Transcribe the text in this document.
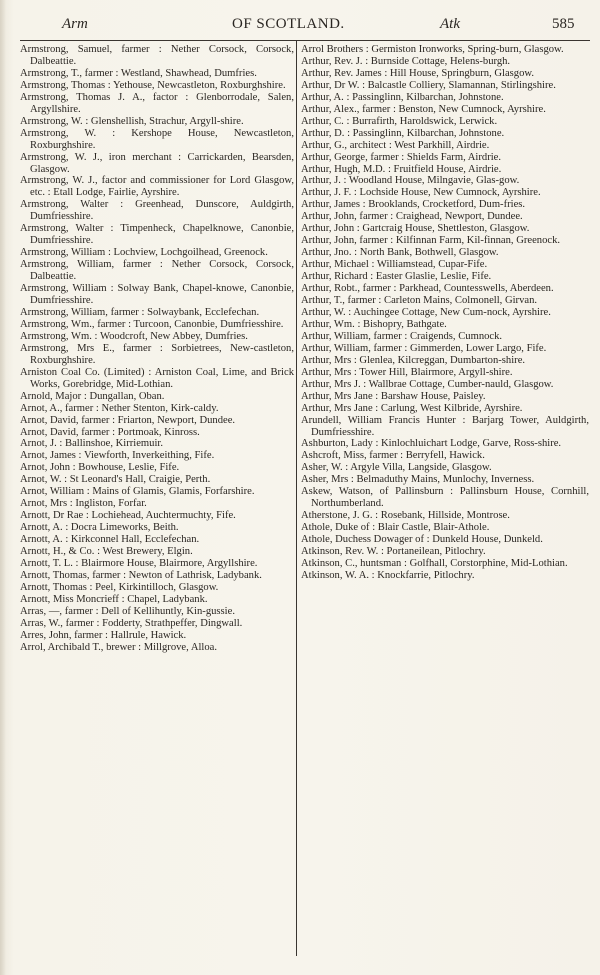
Arm	OF SCOTLAND.	Atk	585

Armstrong, Samuel, farmer : Nether Corsock, Corsock, Dalbeattie.

Armstrong, T., farmer : Westland, Shawhead, Dumfries.

Armstrong, Thomas : Yethouse, Newcastleton, Roxburghshire.

Armstrong, Thomas J. A., factor : Glenborrodale, Salen, Argyllshire.

Armstrong, W. : Glenshellish, Strachur, Argyll-shire.

Armstrong, W. : Kershope House, Newcastleton, Roxburghshire.

Armstrong, W. J., iron merchant : Carrickarden, Bearsden, Glasgow.

Armstrong, W. J., factor and commissioner for Lord Glasgow, etc. : Etall Lodge, Fairlie, Ayrshire.

Armstrong, Walter : Greenhead, Dunscore, Auldgirth, Dumfriesshire.

Armstrong, Walter : Timpenheck, Chapelknowe, Canonbie, Dumfriesshire.

Armstrong, William : Lochview, Lochgoilhead, Greenock.

Armstrong, William, farmer : Nether Corsock, Corsock, Dalbeattie.

Armstrong, William : Solway Bank, Chapel-knowe, Canonbie, Dumfriesshire.

Armstrong, William, farmer : Solwaybank, Ecclefechan.

Armstrong, Wm., farmer : Turcoon, Canonbie, Dumfriesshire.

Armstrong, Wm. : Woodcroft, New Abbey, Dumfries.

Armstrong, Mrs E., farmer : Sorbietrees, New-castleton, Roxburghshire.

Arniston Coal Co. (Limited) : Arniston Coal, Lime, and Brick Works, Gorebridge, Mid-Lothian.

Arnold, Major : Dungallan, Oban.

Arnot, A., farmer : Nether Stenton, Kirk-caldy.

Arnot, David, farmer : Friarton, Newport, Dundee.

Arnot, David, farmer : Portmoak, Kinross.

Arnot, J. : Ballinshoe, Kirriemuir.

Arnot, James : Viewforth, Inverkeithing, Fife.

Arnot, John : Bowhouse, Leslie, Fife.

Arnot, W. : St Leonard's Hall, Craigie, Perth.

Arnot, William : Mains of Glamis, Glamis, Forfarshire.

Arnot, Mrs : Ingliston, Forfar.

Arnott, Dr Rae : Lochiehead, Auchtermuchty, Fife.

Arnott, A. : Docra Limeworks, Beith.

Arnott, A. : Kirkconnel Hall, Ecclefechan.

Arnott, H., & Co. : West Brewery, Elgin.

Arnott, T. L. : Blairmore House, Blairmore, Argyllshire.

Arnott, Thomas, farmer : Newton of Lathrisk, Ladybank.

Arnott, Thomas : Peel, Kirkintilloch, Glasgow.

Arnott, Miss Moncrieff : Chapel, Ladybank.

Arras, —, farmer : Dell of Kellihuntly, Kin-gussie.

Arras, W., farmer : Fodderty, Strathpeffer, Dingwall.

Arres, John, farmer : Hallrule, Hawick.

Arrol, Archibald T., brewer : Millgrove, Alloa.

Arrol Brothers : Germiston Ironworks, Spring-burn, Glasgow.

Arthur, Rev. J. : Burnside Cottage, Helens-burgh.

Arthur, Rev. James : Hill House, Springburn, Glasgow.

Arthur, Dr W. : Balcastle Colliery, Slamannan, Stirlingshire.

Arthur, A. : Passinglinn, Kilbarchan, Johnstone.

Arthur, Alex., farmer : Benston, New Cumnock, Ayrshire.

Arthur, C. : Burrafirth, Haroldswick, Lerwick.

Arthur, D. : Passinglinn, Kilbarchan, Johnstone.

Arthur, G., architect : West Parkhill, Airdrie.

Arthur, George, farmer : Shields Farm, Airdrie.

Arthur, Hugh, M.D. : Fruitfield House, Airdrie.

Arthur, J. : Woodland House, Milngavie, Glas-gow.

Arthur, J. F. : Lochside House, New Cumnock, Ayrshire.

Arthur, James : Brooklands, Crocketford, Dum-fries.

Arthur, John, farmer : Craighead, Newport, Dundee.

Arthur, John : Gartcraig House, Shettleston, Glasgow.

Arthur, John, farmer : Kilfinnan Farm, Kil-finnan, Greenock.

Arthur, Jno. : North Bank, Bothwell, Glasgow.

Arthur, Michael : Williamstead, Cupar-Fife.

Arthur, Richard : Easter Glaslie, Leslie, Fife.

Arthur, Robt., farmer : Parkhead, Countesswells, Aberdeen.

Arthur, T., farmer : Carleton Mains, Colmonell, Girvan.

Arthur, W. : Auchingee Cottage, New Cum-nock, Ayrshire.

Arthur, Wm. : Bishopry, Bathgate.

Arthur, William, farmer : Craigends, Cumnock.

Arthur, William, farmer : Gimmerden, Lower Largo, Fife.

Arthur, Mrs : Glenlea, Kilcreggan, Dumbarton-shire.

Arthur, Mrs : Tower Hill, Blairmore, Argyll-shire.

Arthur, Mrs J. : Wallbrae Cottage, Cumber-nauld, Glasgow.

Arthur, Mrs Jane : Barshaw House, Paisley.

Arthur, Mrs Jane : Carlung, West Kilbride, Ayrshire.

Arundell, William Francis Hunter : Barjarg Tower, Auldgirth, Dumfriesshire.

Ashburton, Lady : Kinlochluichart Lodge, Garve, Ross-shire.

Ashcroft, Miss, farmer : Berryfell, Hawick.

Asher, W. : Argyle Villa, Langside, Glasgow.

Asher, Mrs : Belmaduthy Mains, Munlochy, Inverness.

Askew, Watson, of Pallinsburn : Pallinsburn House, Cornhill, Northumberland.

Atherstone, J. G. : Rosebank, Hillside, Montrose.

Athole, Duke of : Blair Castle, Blair-Athole.

Athole, Duchess Dowager of : Dunkeld House, Dunkeld.

Atkinson, Rev. W. : Portaneilean, Pitlochry.

Atkinson, C., huntsman : Golfhall, Corstorphine, Mid-Lothian.

Atkinson, W. A. : Knockfarrie, Pitlochry.
